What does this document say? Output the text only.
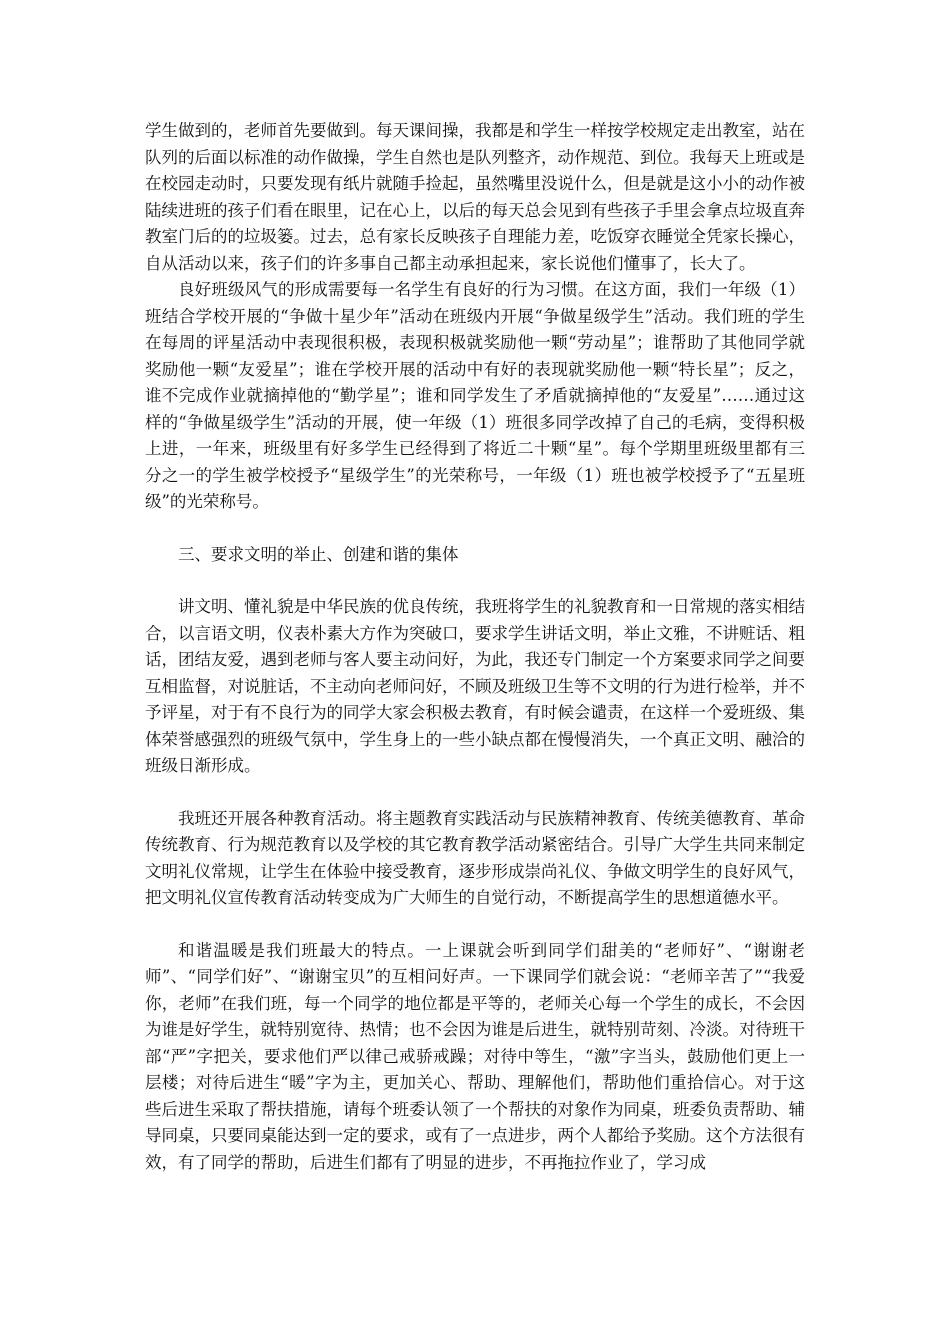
学生做到的，老师首先要做到。每天课间操，我都是和学生一样按学校规定走出教室，站在队列的后面以标准的动作做操，学生自然也是队列整齐，动作规范、到位。我每天上班或是在校园走动时，只要发现有纸片就随手捡起，虽然嘴里没说什么，但是就是这小小的动作被陆续进班的孩子们看在眼里，记在心上，以后的每天总会见到有些孩子手里会拿点垃圾直奔教室门后的的垃圾篓。过去，总有家长反映孩子自理能力差，吃饭穿衣睡觉全凭家长操心，自从活动以来，孩子们的许多事自己都主动承担起来，家长说他们懂事了，长大了。

良好班级风气的形成需要每一名学生有良好的行为习惯。在这方面，我们一年级（1）班结合学校开展的“争做十星少年”活动在班级内开展“争做星级学生”活动。我们班的学生在每周的评星活动中表现很积极，表现积极就奖励他一颗“劳动星”；谁帮助了其他同学就奖励他一颗“友爱星”；谁在学校开展的活动中有好的表现就奖励他一颗“特长星”；反之，谁不完成作业就摘掉他的“勤学星”；谁和同学发生了矛盾就摘掉他的“友爱星”……通过这样的“争做星级学生”活动的开展，使一年级（1）班很多同学改掉了自己的毛病，变得积极上进，一年来，班级里有好多学生已经得到了将近二十颗“星”。每个学期里班级里都有三分之一的学生被学校授予“星级学生”的光荣称号，一年级（1）班也被学校授予了“五星班级”的光荣称号。

三、要求文明的举止、创建和谐的集体

讲文明、懂礼貌是中华民族的优良传统，我班将学生的礼貌教育和一日常规的落实相结合，以言语文明，仪表朴素大方作为突破口，要求学生讲话文明，举止文雅，不讲赃话、粗话，团结友爱，遇到老师与客人要主动问好，为此，我还专门制定一个方案要求同学之间要互相监督，对说脏话，不主动向老师问好，不顾及班级卫生等不文明的行为进行检举，并不予评星，对于有不良行为的同学大家会积极去教育，有时候会谴责，在这样一个爱班级、集体荣誉感强烈的班级气氛中，学生身上的一些小缺点都在慢慢消失，一个真正文明、融洽的班级日渐形成。

我班还开展各种教育活动。将主题教育实践活动与民族精神教育、传统美德教育、革命传统教育、行为规范教育以及学校的其它教育教学活动紧密结合。引导广大学生共同来制定文明礼仪常规，让学生在体验中接受教育，逐步形成崇尚礼仪、争做文明学生的良好风气，把文明礼仪宣传教育活动转变成为广大师生的自觉行动，不断提高学生的思想道德水平。

和谐温暖是我们班最大的特点。一上课就会听到同学们甜美的“老师好”、“谢谢老师”、“同学们好”、“谢谢宝贝”的互相问好声。一下课同学们就会说：“老师辛苦了”“我爱你，老师”在我们班，每一个同学的地位都是平等的，老师关心每一个学生的成长，不会因为谁是好学生，就特别宽待、热情；也不会因为谁是后进生，就特别苛刻、冷淡。对待班干部“严”字把关，要求他们严以律己戒骄戒躁；对待中等生，“激”字当头，鼓励他们更上一层楼；对待后进生“暖”字为主，更加关心、帮助、理解他们，帮助他们重拾信心。对于这些后进生采取了帮扶措施，请每个班委认领了一个帮扶的对象作为同桌，班委负责帮助、辅导同桌，只要同桌能达到一定的要求，或有了一点进步，两个人都给予奖励。这个方法很有效，有了同学的帮助，后进生们都有了明显的进步，不再拖拉作业了，学习成
